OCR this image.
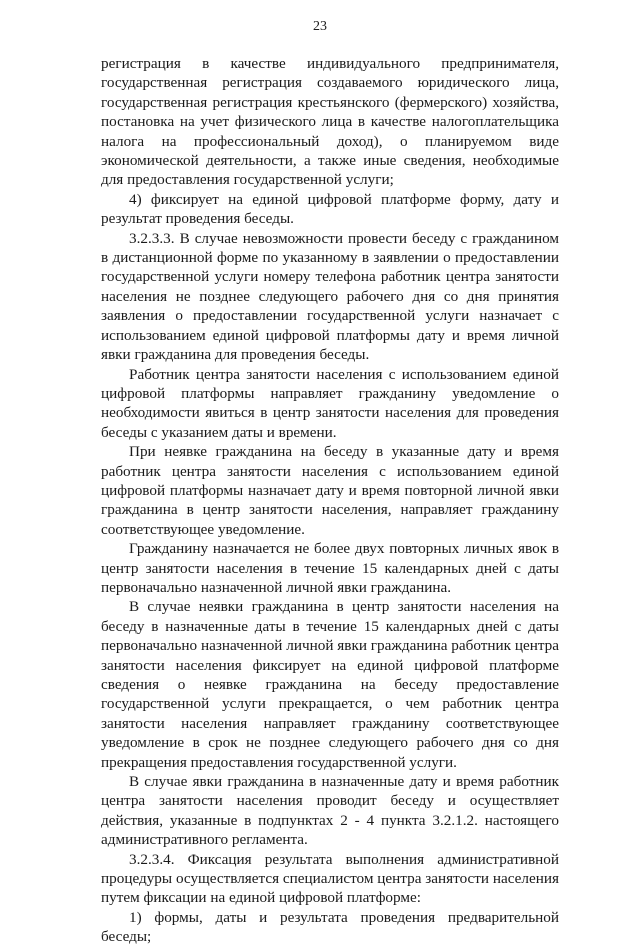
23

регистрация в качестве индивидуального предпринимателя, государственная регистрация создаваемого юридического лица, государственная регистрация крестьянского (фермерского) хозяйства, постановка на учет физического лица в качестве налогоплательщика налога на профессиональный доход), о планируемом виде экономической деятельности, а также иные сведения, необходимые для предоставления государственной услуги;

4) фиксирует на единой цифровой платформе форму, дату и результат проведения беседы.

3.2.3.3. В случае невозможности провести беседу с гражданином в дистанционной форме по указанному в заявлении о предоставлении государственной услуги номеру телефона работник центра занятости населения не позднее следующего рабочего дня со дня принятия заявления о предоставлении государственной услуги назначает с использованием единой цифровой платформы дату и время личной явки гражданина для проведения беседы.

Работник центра занятости населения с использованием единой цифровой платформы направляет гражданину уведомление о необходимости явиться в центр занятости населения для проведения беседы с указанием даты и времени.

При неявке гражданина на беседу в указанные дату и время работник центра занятости населения с использованием единой цифровой платформы назначает дату и время повторной личной явки гражданина в центр занятости населения, направляет гражданину соответствующее уведомление.

Гражданину назначается не более двух повторных личных явок в центр занятости населения в течение 15 календарных дней с даты первоначально назначенной личной явки гражданина.

В случае неявки гражданина в центр занятости населения на беседу в назначенные даты в течение 15 календарных дней с даты первоначально назначенной личной явки гражданина работник центра занятости населения фиксирует на единой цифровой платформе сведения о неявке гражданина на беседу предоставление государственной услуги прекращается, о чем работник центра занятости населения направляет гражданину соответствующее уведомление в срок не позднее следующего рабочего дня со дня прекращения предоставления государственной услуги.

В случае явки гражданина в назначенные дату и время работник центра занятости населения проводит беседу и осуществляет действия, указанные в подпунктах 2 - 4 пункта 3.2.1.2. настоящего административного регламента.

3.2.3.4. Фиксация результата выполнения административной процедуры осуществляется специалистом центра занятости населения путем фиксации на единой цифровой платформе:

1) формы, даты и результата проведения предварительной беседы;
